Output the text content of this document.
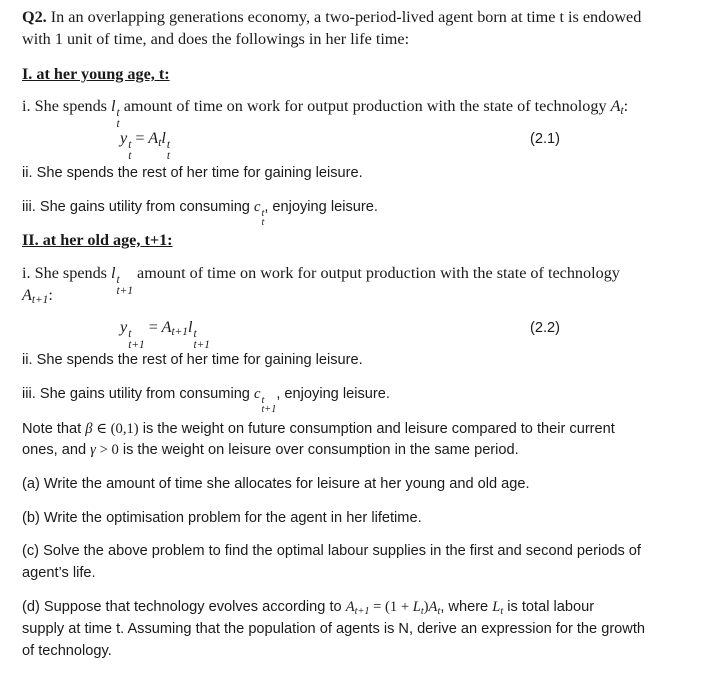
Q2. In an overlapping generations economy, a two-period-lived agent born at time t is endowed
with 1 unit of time, and does the followings in her life time:
I. at her young age, t:
i. She spends l t
t
amount of time on work for output production with the state of technology $A_t$:
y t
t
= $A_tl$ t
t
(2.1)
ii. She spends the rest of her time for gaining leisure.
iii. She gains utility from consuming c t
t
, enjoying leisure.
II. at her old age, t+1:
i. She spends l t
t+1
amount of time on work for output production with the state of technology
$A_{t+1}$:
y t
t+1
= $A_{t+1}l$ t
t+1
(2.2)
ii. She spends the rest of her time for gaining leisure.
iii. She gains utility from consuming c t
t+1
, enjoying leisure.
Note that β ∈ (0,1) is the weight on future consumption and leisure compared to their current
ones, and γ > 0 is the weight on leisure over consumption in the same period.
(a) Write the amount of time she allocates for leisure at her young and old age.
(b) Write the optimisation problem for the agent in her lifetime.
(c) Solve the above problem to find the optimal labour supplies in the first and second periods of
agent’s life.
(d) Suppose that technology evolves according to $A_{t+1} = (1 + L_t)A_t$, where $L_t$ is total labour
supply at time t. Assuming that the population of agents is N, derive an expression for the growth
of technology.
